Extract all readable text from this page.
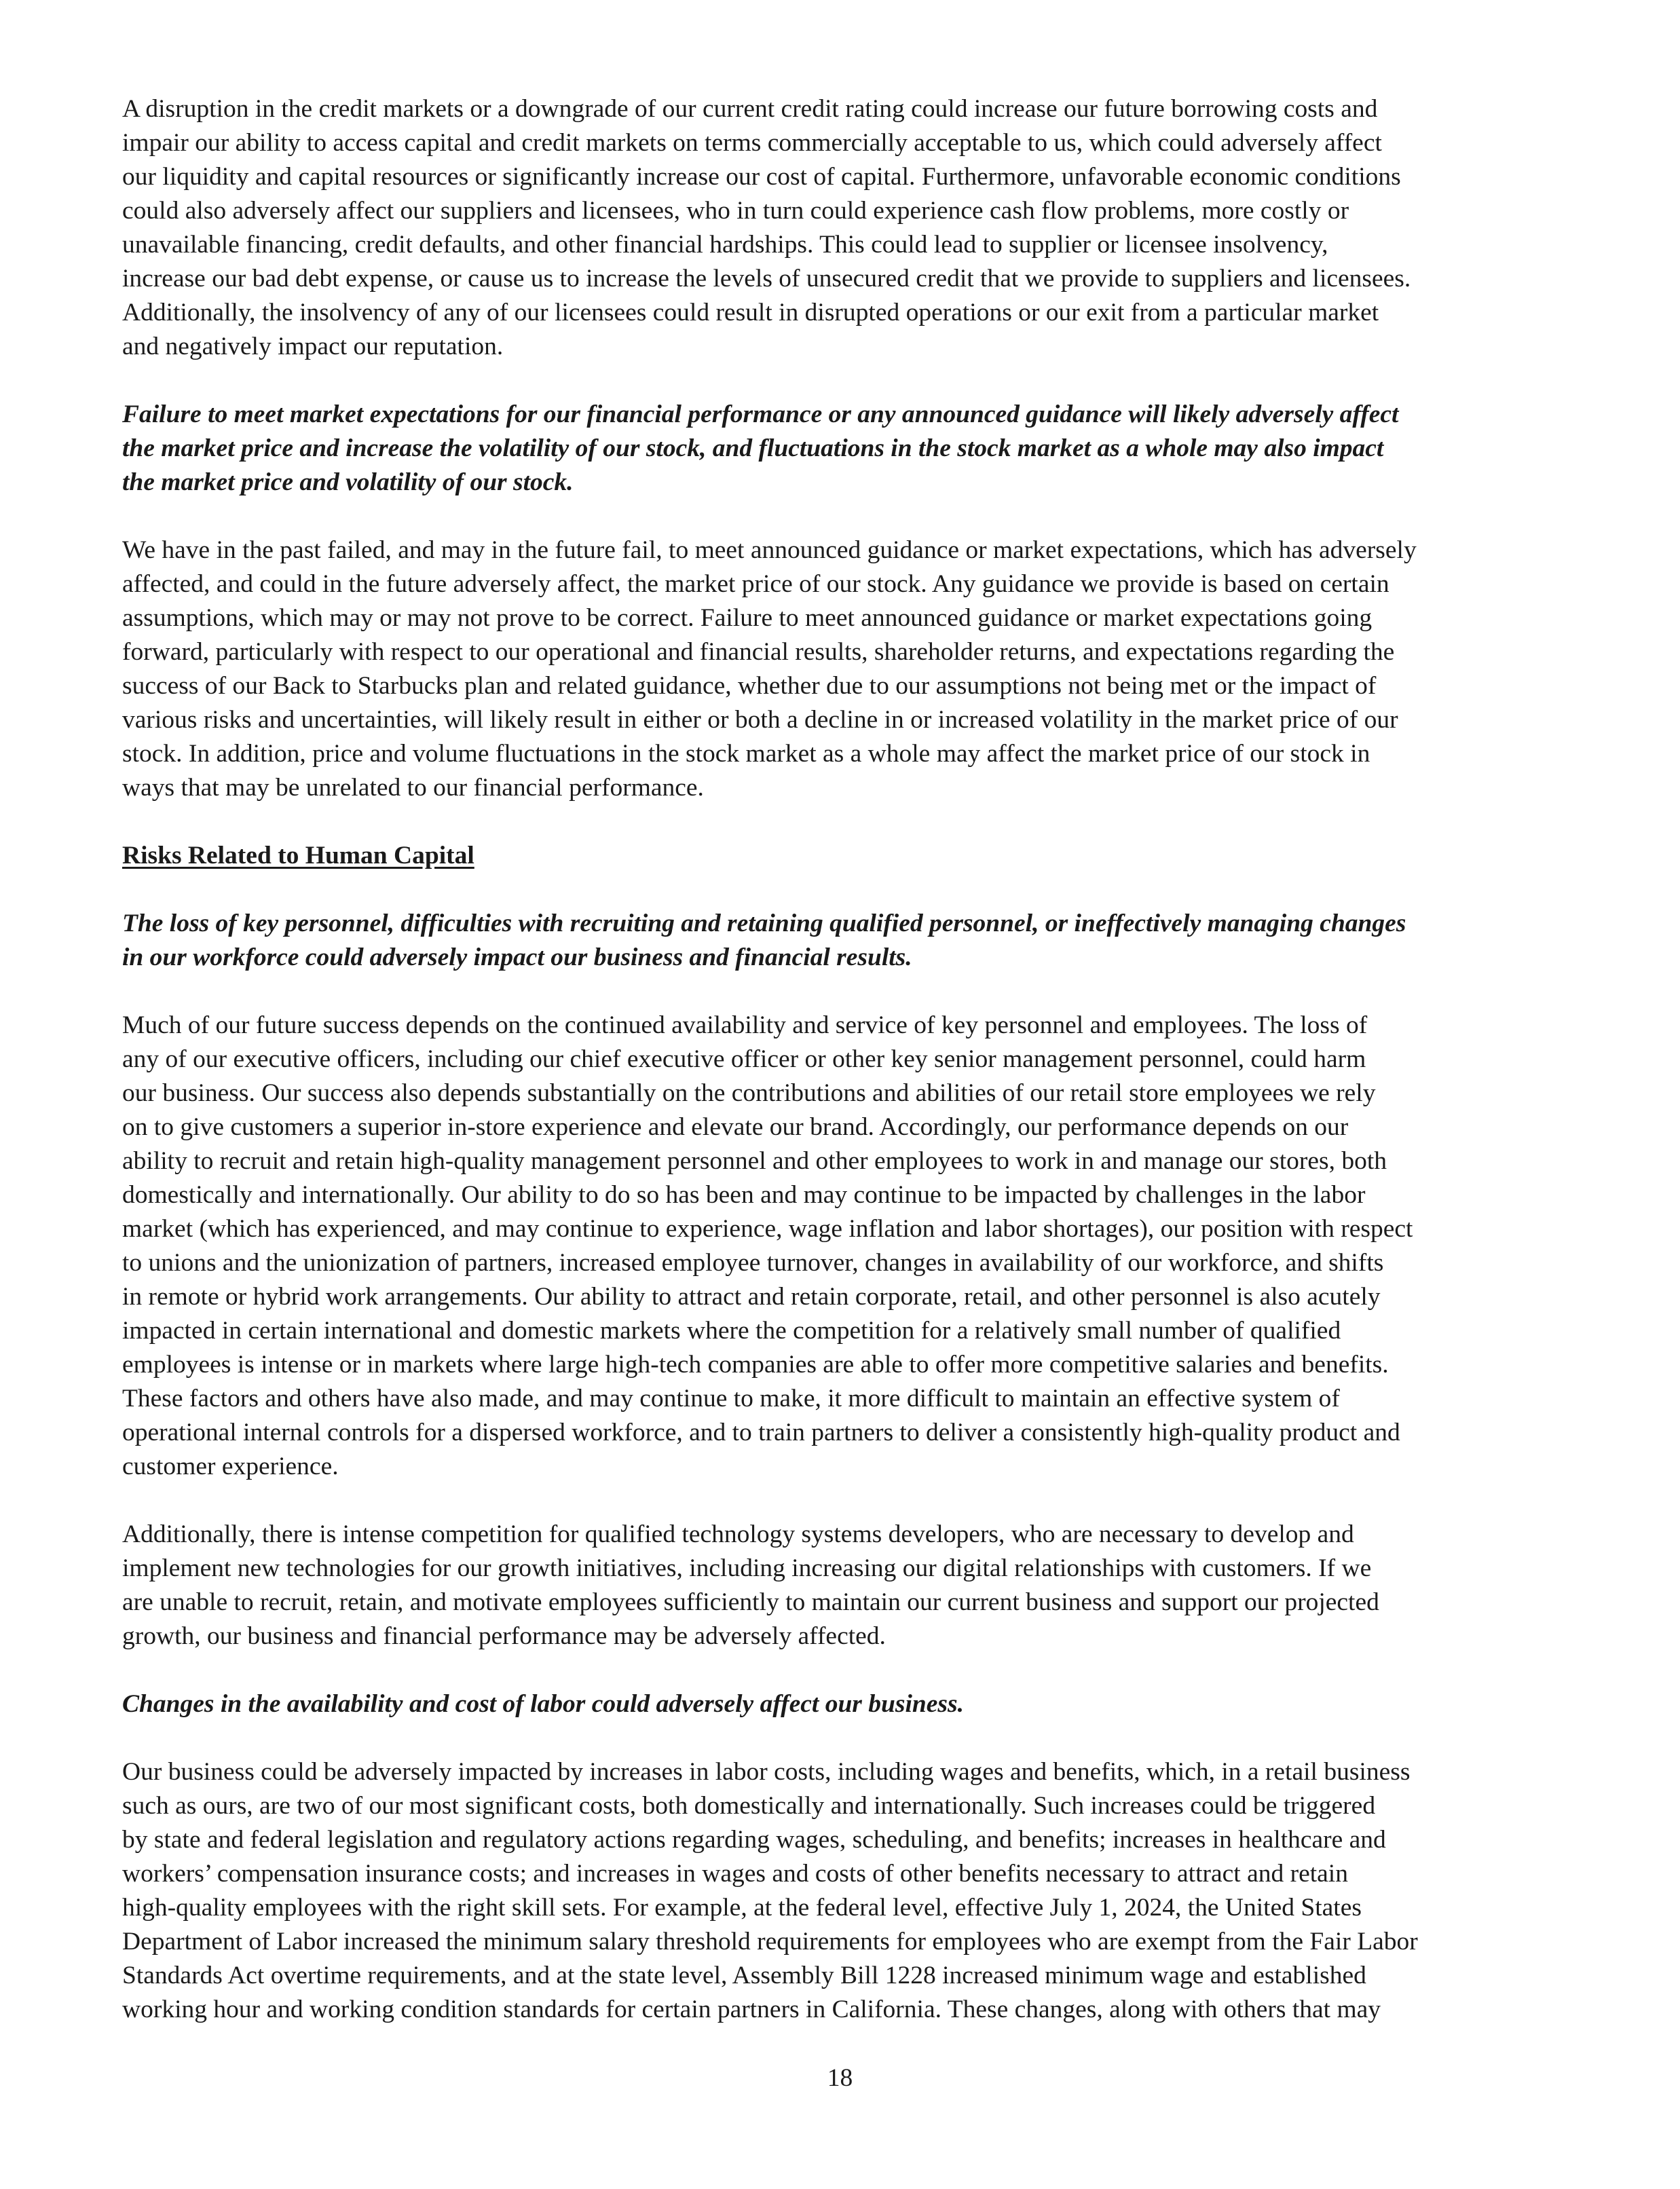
A disruption in the credit markets or a downgrade of our current credit rating could increase our future borrowing costs and
impair our ability to access capital and credit markets on terms commercially acceptable to us, which could adversely affect
our liquidity and capital resources or significantly increase our cost of capital. Furthermore, unfavorable economic conditions
could also adversely affect our suppliers and licensees, who in turn could experience cash flow problems, more costly or
unavailable financing, credit defaults, and other financial hardships. This could lead to supplier or licensee insolvency,
increase our bad debt expense, or cause us to increase the levels of unsecured credit that we provide to suppliers and licensees.
Additionally, the insolvency of any of our licensees could result in disrupted operations or our exit from a particular market
and negatively impact our reputation.
Failure to meet market expectations for our financial performance or any announced guidance will likely adversely affect
the market price and increase the volatility of our stock, and fluctuations in the stock market as a whole may also impact
the market price and volatility of our stock.
We have in the past failed, and may in the future fail, to meet announced guidance or market expectations, which has adversely
affected, and could in the future adversely affect, the market price of our stock. Any guidance we provide is based on certain
assumptions, which may or may not prove to be correct. Failure to meet announced guidance or market expectations going
forward, particularly with respect to our operational and financial results, shareholder returns, and expectations regarding the
success of our Back to Starbucks plan and related guidance, whether due to our assumptions not being met or the impact of
various risks and uncertainties, will likely result in either or both a decline in or increased volatility in the market price of our
stock. In addition, price and volume fluctuations in the stock market as a whole may affect the market price of our stock in
ways that may be unrelated to our financial performance.
Risks Related to Human Capital
The loss of key personnel, difficulties with recruiting and retaining qualified personnel, or ineffectively managing changes
in our workforce could adversely impact our business and financial results.
Much of our future success depends on the continued availability and service of key personnel and employees. The loss of
any of our executive officers, including our chief executive officer or other key senior management personnel, could harm
our business. Our success also depends substantially on the contributions and abilities of our retail store employees we rely
on to give customers a superior in-store experience and elevate our brand. Accordingly, our performance depends on our
ability to recruit and retain high-quality management personnel and other employees to work in and manage our stores, both
domestically and internationally. Our ability to do so has been and may continue to be impacted by challenges in the labor
market (which has experienced, and may continue to experience, wage inflation and labor shortages), our position with respect
to unions and the unionization of partners, increased employee turnover, changes in availability of our workforce, and shifts
in remote or hybrid work arrangements. Our ability to attract and retain corporate, retail, and other personnel is also acutely
impacted in certain international and domestic markets where the competition for a relatively small number of qualified
employees is intense or in markets where large high-tech companies are able to offer more competitive salaries and benefits.
These factors and others have also made, and may continue to make, it more difficult to maintain an effective system of
operational internal controls for a dispersed workforce, and to train partners to deliver a consistently high-quality product and
customer experience.
Additionally, there is intense competition for qualified technology systems developers, who are necessary to develop and
implement new technologies for our growth initiatives, including increasing our digital relationships with customers. If we
are unable to recruit, retain, and motivate employees sufficiently to maintain our current business and support our projected
growth, our business and financial performance may be adversely affected.
Changes in the availability and cost of labor could adversely affect our business.
Our business could be adversely impacted by increases in labor costs, including wages and benefits, which, in a retail business
such as ours, are two of our most significant costs, both domestically and internationally. Such increases could be triggered
by state and federal legislation and regulatory actions regarding wages, scheduling, and benefits; increases in healthcare and
workers’ compensation insurance costs; and increases in wages and costs of other benefits necessary to attract and retain
high-quality employees with the right skill sets. For example, at the federal level, effective July 1, 2024, the United States
Department of Labor increased the minimum salary threshold requirements for employees who are exempt from the Fair Labor
Standards Act overtime requirements, and at the state level, Assembly Bill 1228 increased minimum wage and established
working hour and working condition standards for certain partners in California. These changes, along with others that may
18
